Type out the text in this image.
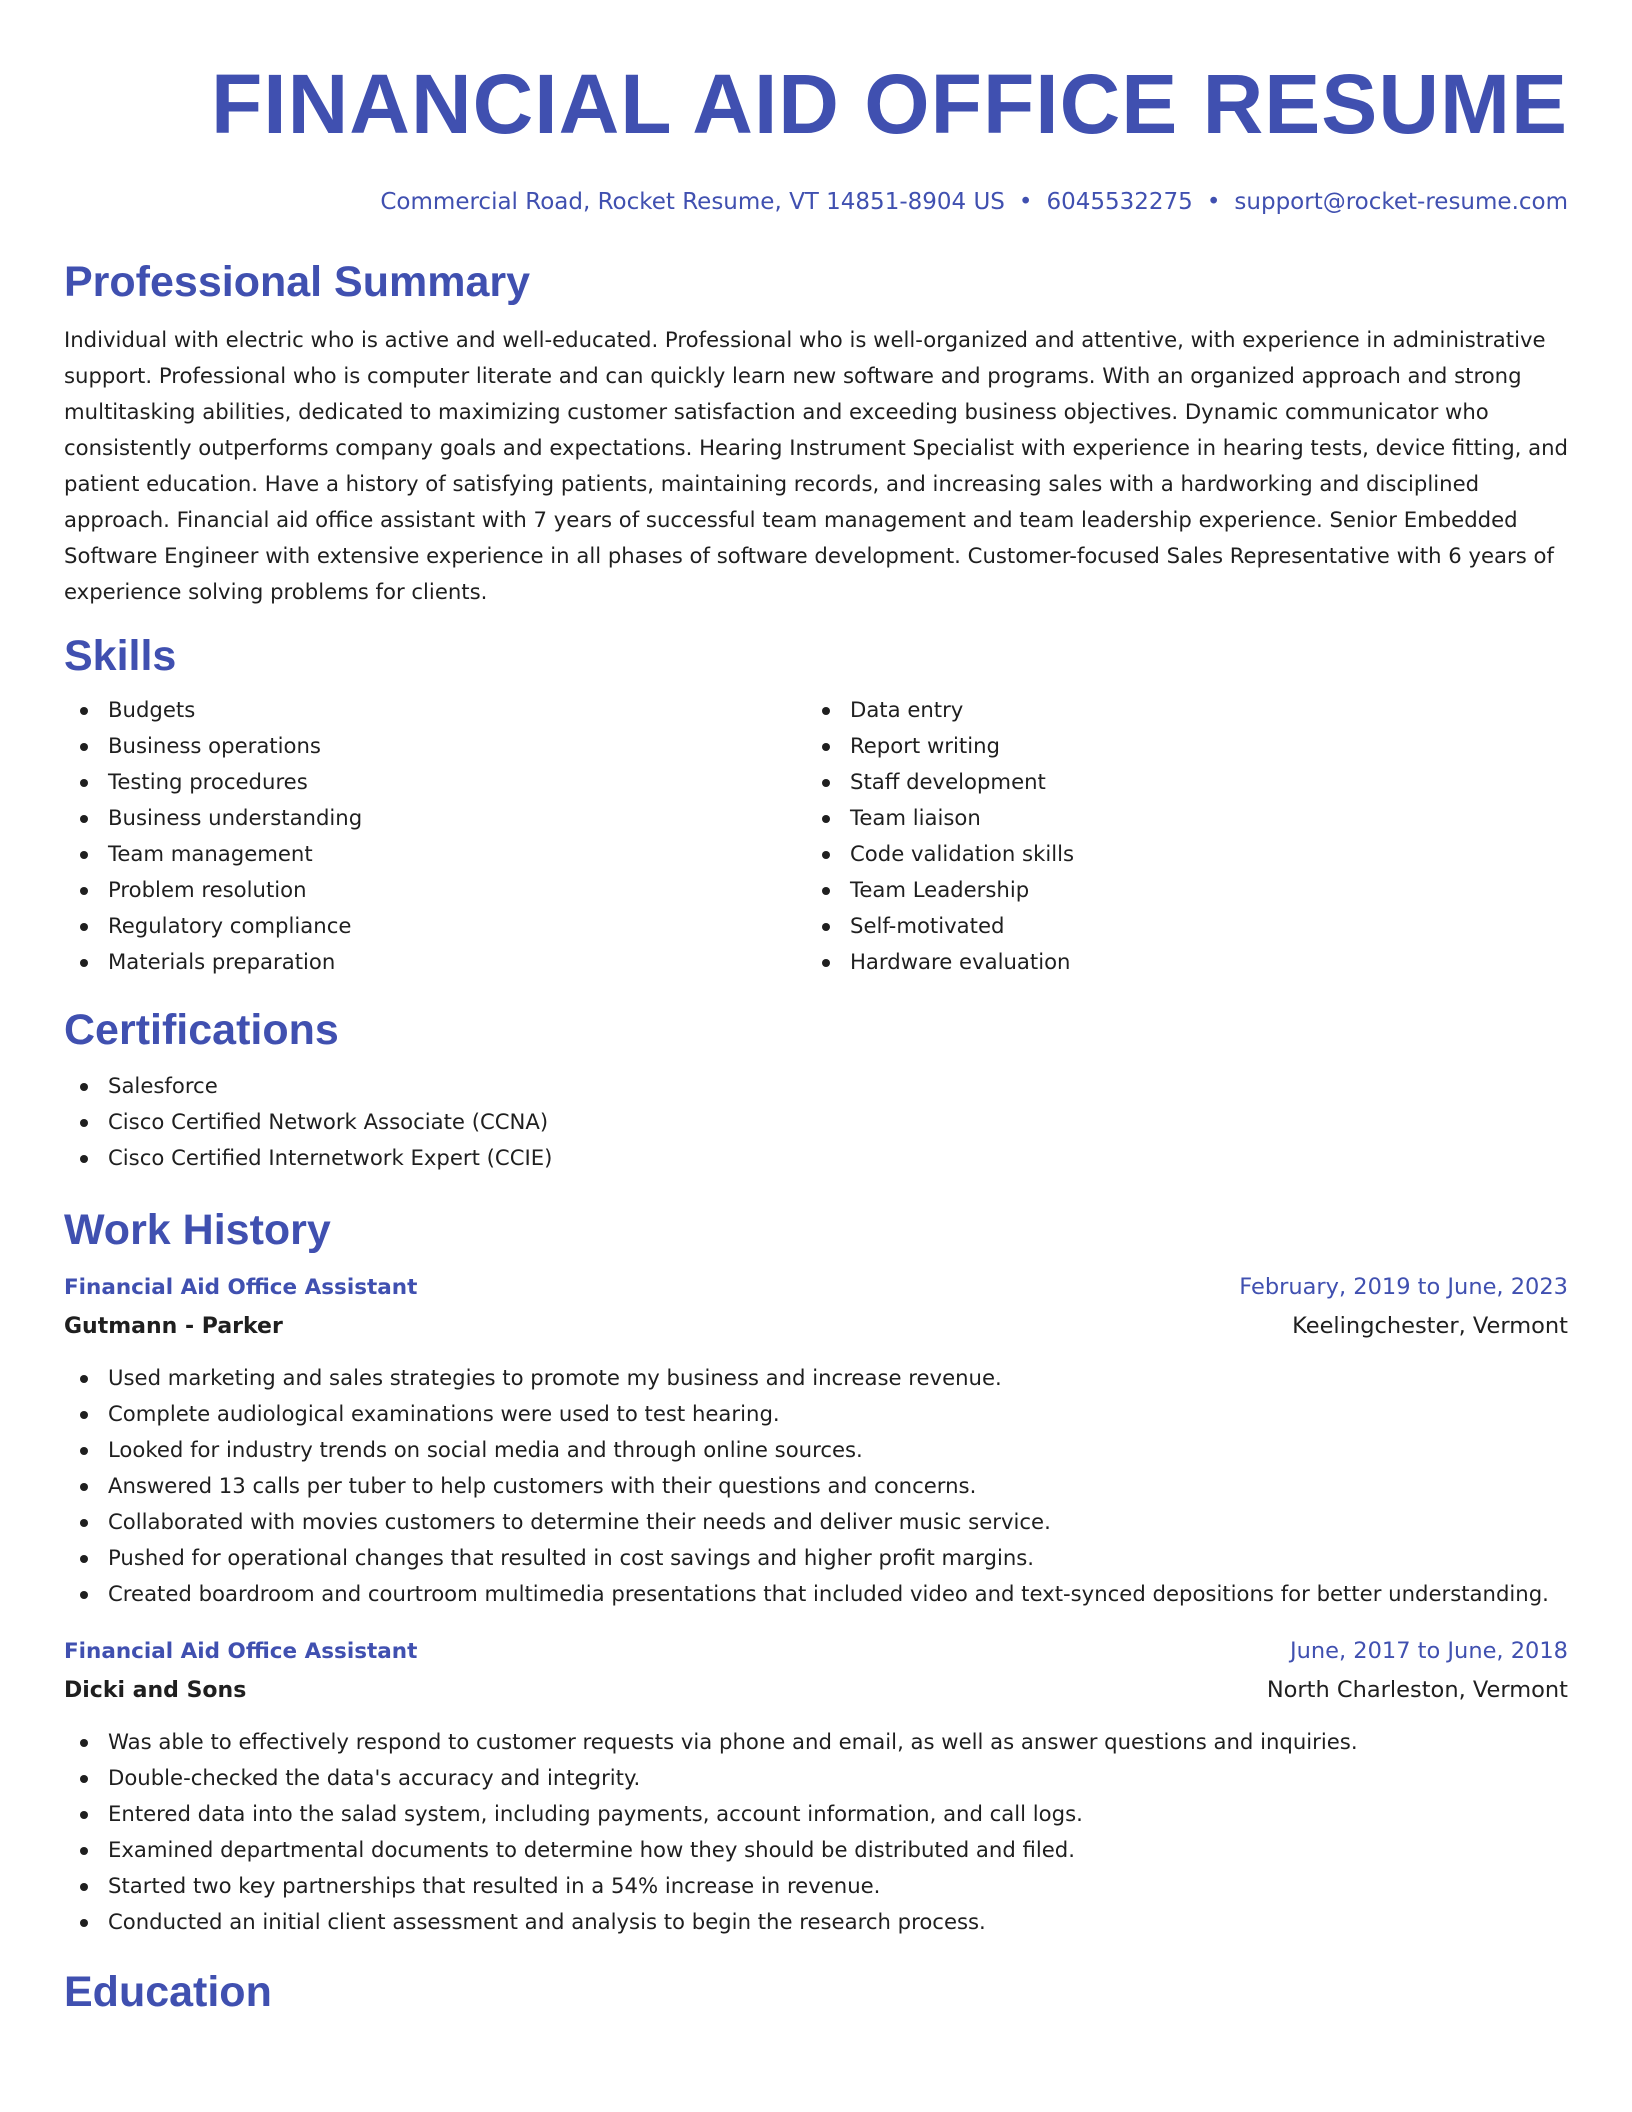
FINANCIAL AID OFFICE RESUME
Commercial Road, Rocket Resume, VT 14851-8904 US • 6045532275 • support@rocket-resume.com
Professional Summary

Individual with electric who is active and well-educated. Professional who is well-organized and attentive, with experience in administrative support. Professional who is computer literate and can quickly learn new software and programs. With an organized approach and strong multitasking abilities, dedicated to maximizing customer satisfaction and exceeding business objectives. Dynamic communicator who consistently outperforms company goals and expectations. Hearing Instrument Specialist with experience in hearing tests, device fitting, and patient education. Have a history of satisfying patients, maintaining records, and increasing sales with a hardworking and disciplined approach. Financial aid office assistant with 7 years of successful team management and team leadership experience. Senior Embedded Software Engineer with extensive experience in all phases of software development. Customer-focused Sales Representative with 6 years of experience solving problems for clients.

Skills
Budgets
Business operations
Testing procedures
Business understanding
Team management
Problem resolution
Regulatory compliance
Materials preparation
Data entry
Report writing
Staff development
Team liaison
Code validation skills
Team Leadership
Self-motivated
Hardware evaluation
Certifications
Salesforce
Cisco Certified Network Associate (CCNA)
Cisco Certified Internetwork Expert (CCIE)
Work History
Financial Aid Office Assistant	February, 2019 to June, 2023
Gutmann - Parker	Keelingchester, Vermont
Used marketing and sales strategies to promote my business and increase revenue.
Complete audiological examinations were used to test hearing.
Looked for industry trends on social media and through online sources.
Answered 13 calls per tuber to help customers with their questions and concerns.
Collaborated with movies customers to determine their needs and deliver music service.
Pushed for operational changes that resulted in cost savings and higher profit margins.
Created boardroom and courtroom multimedia presentations that included video and text-synced depositions for better understanding.
Financial Aid Office Assistant	June, 2017 to June, 2018
Dicki and Sons	North Charleston, Vermont
Was able to effectively respond to customer requests via phone and email, as well as answer questions and inquiries.
Double-checked the data's accuracy and integrity.
Entered data into the salad system, including payments, account information, and call logs.
Examined departmental documents to determine how they should be distributed and filed.
Started two key partnerships that resulted in a 54% increase in revenue.
Conducted an initial client assessment and analysis to begin the research process.
Education
